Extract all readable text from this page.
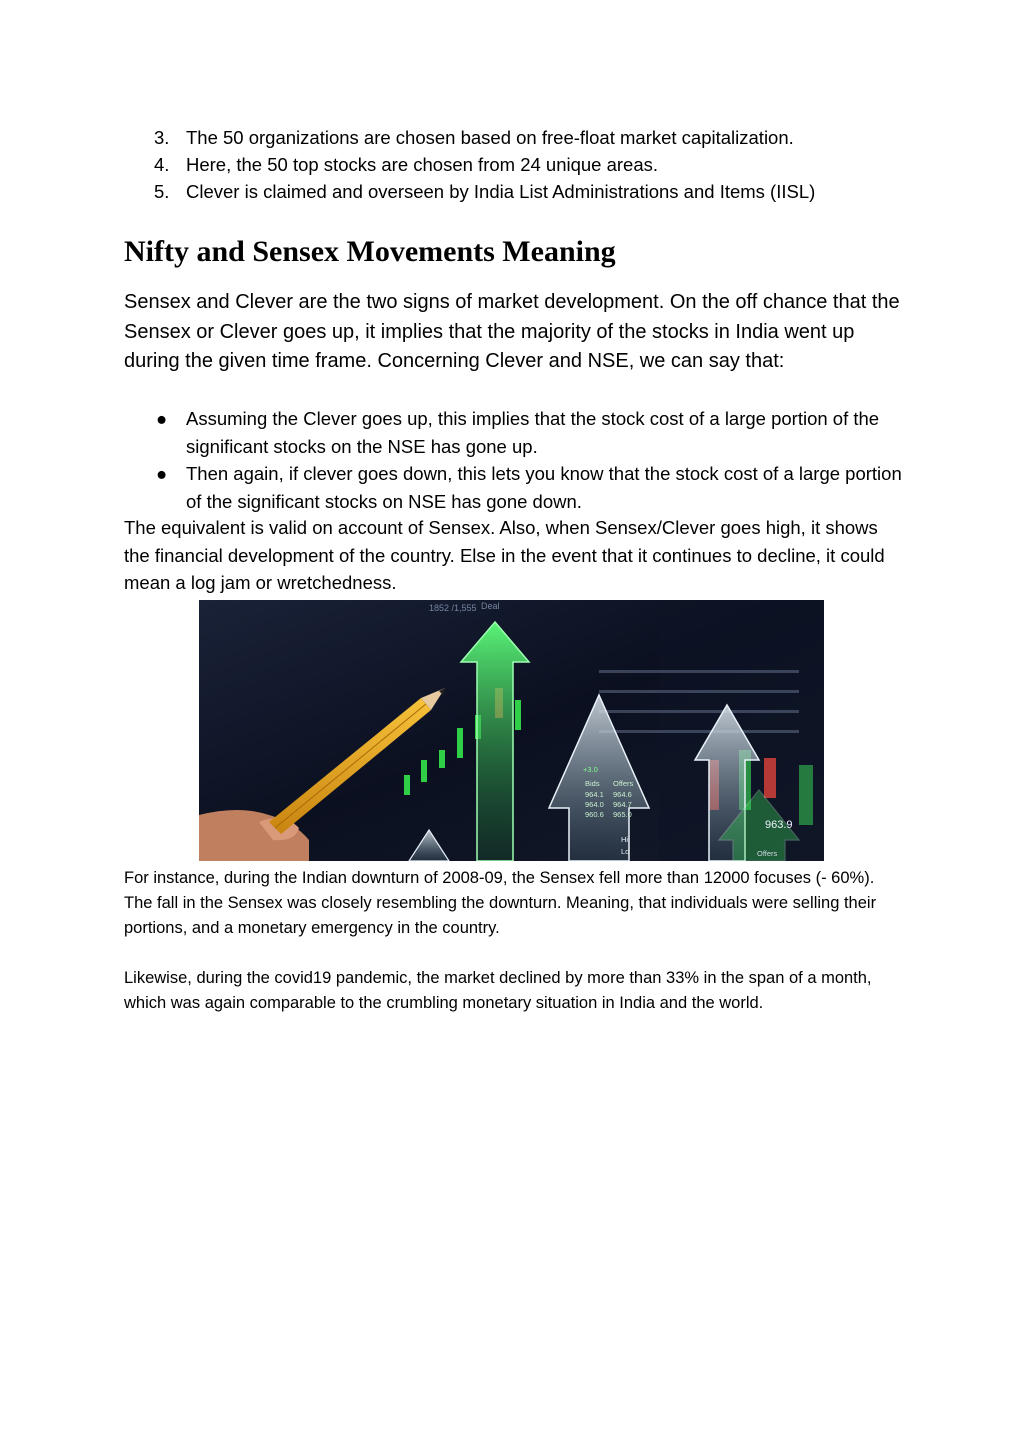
3. The 50 organizations are chosen based on free-float market capitalization.
4. Here, the 50 top stocks are chosen from 24 unique areas.
5. Clever is claimed and overseen by India List Administrations and Items (IISL)
Nifty and Sensex Movements Meaning

Sensex and Clever are the two signs of market development. On the off chance that the Sensex or Clever goes up, it implies that the majority of the stocks in India went up during the given time frame. Concerning Clever and NSE, we can say that:

● Assuming the Clever goes up, this implies that the stock cost of a large portion of the significant stocks on the NSE has gone up.
● Then again, if clever goes down, this lets you know that the stock cost of a large portion of the significant stocks on NSE has gone down.

The equivalent is valid on account of Sensex. Also, when Sensex/Clever goes high, it shows the financial development of the country. Else in the event that it continues to decline, it could mean a log jam or wretchedness.

1852 /1,555 Deal
Bids Offers
964.1
964.0
960.6
964.6
964.7
965.0
+3.0
Hi
Lo	Offers
963.9

For instance, during the Indian downturn of 2008-09, the Sensex fell more than 12000 focuses (- 60%). The fall in the Sensex was closely resembling the downturn. Meaning, that individuals were selling their portions, and a monetary emergency in the country.

Likewise, during the covid19 pandemic, the market declined by more than 33% in the span of a month, which was again comparable to the crumbling monetary situation in India and the world.
